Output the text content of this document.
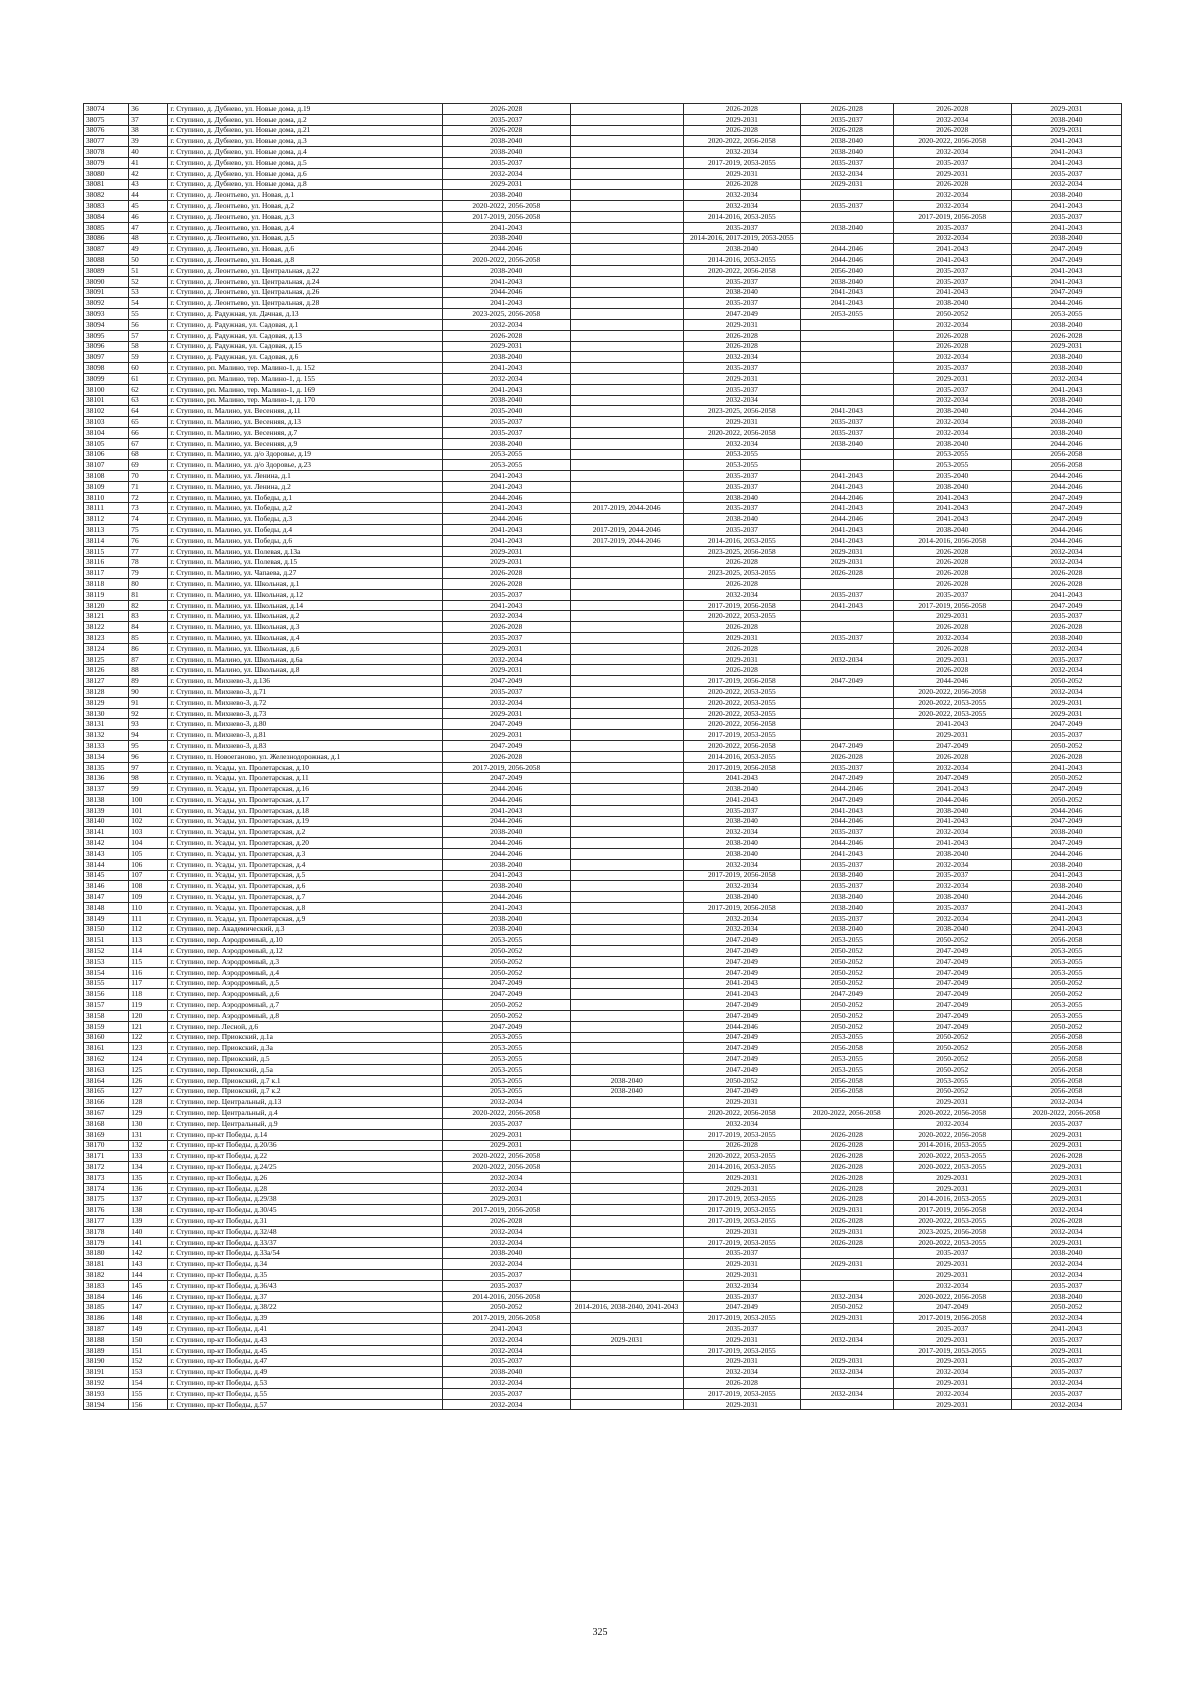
38074	36	г. Ступино, д. Дубнево, ул. Новые дома, д.19	2026-2028		2026-2028	2026-2028	2026-2028	2029-2031
38075	37	г. Ступино, д. Дубнево, ул. Новые дома, д.2	2035-2037		2029-2031	2035-2037	2032-2034	2038-2040
38076	38	г. Ступино, д. Дубнево, ул. Новые дома, д.21	2026-2028		2026-2028	2026-2028	2026-2028	2029-2031
38077	39	г. Ступино, д. Дубнево, ул. Новые дома, д.3	2038-2040		2020-2022, 2056-2058	2038-2040	2020-2022, 2056-2058	2041-2043
38078	40	г. Ступино, д. Дубнево, ул. Новые дома, д.4	2038-2040		2032-2034	2038-2040	2032-2034	2041-2043
38079	41	г. Ступино, д. Дубнево, ул. Новые дома, д.5	2035-2037		2017-2019, 2053-2055	2035-2037	2035-2037	2041-2043
38080	42	г. Ступино, д. Дубнево, ул. Новые дома, д.6	2032-2034		2029-2031	2032-2034	2029-2031	2035-2037
38081	43	г. Ступино, д. Дубнево, ул. Новые дома, д.8	2029-2031		2026-2028	2029-2031	2026-2028	2032-2034
38082	44	г. Ступино, д. Леонтьево, ул. Новая, д.1	2038-2040		2032-2034		2032-2034	2038-2040
38083	45	г. Ступино, д. Леонтьево, ул. Новая, д.2	2020-2022, 2056-2058		2032-2034	2035-2037	2032-2034	2041-2043
38084	46	г. Ступино, д. Леонтьево, ул. Новая, д.3	2017-2019, 2056-2058		2014-2016, 2053-2055		2017-2019, 2056-2058	2035-2037
38085	47	г. Ступино, д. Леонтьево, ул. Новая, д.4	2041-2043		2035-2037	2038-2040	2035-2037	2041-2043
38086	48	г. Ступино, д. Леонтьево, ул. Новая, д.5	2038-2040		2014-2016, 2017-2019, 2053-2055		2032-2034	2038-2040
38087	49	г. Ступино, д. Леонтьево, ул. Новая, д.6	2044-2046		2038-2040	2044-2046	2041-2043	2047-2049
38088	50	г. Ступино, д. Леонтьево, ул. Новая, д.8	2020-2022, 2056-2058		2014-2016, 2053-2055	2044-2046	2041-2043	2047-2049
38089	51	г. Ступино, д. Леонтьево, ул. Центральная, д.22	2038-2040		2020-2022, 2056-2058	2056-2040	2035-2037	2041-2043
38090	52	г. Ступино, д. Леонтьево, ул. Центральная, д.24	2041-2043		2035-2037	2038-2040	2035-2037	2041-2043
38091	53	г. Ступино, д. Леонтьево, ул. Центральная, д.26	2044-2046		2038-2040	2041-2043	2041-2043	2047-2049
38092	54	г. Ступино, д. Леонтьево, ул. Центральная, д.28	2041-2043		2035-2037	2041-2043	2038-2040	2044-2046
38093	55	г. Ступино, д. Радужная, ул. Дачная, д.13	2023-2025, 2056-2058		2047-2049	2053-2055	2050-2052	2053-2055
38094	56	г. Ступино, д. Радужная, ул. Садовая, д.1	2032-2034		2029-2031		2032-2034	2038-2040
38095	57	г. Ступино, д. Радужная, ул. Садовая, д.13	2026-2028		2026-2028		2026-2028	2026-2028
38096	58	г. Ступино, д. Радужная, ул. Садовая, д.15	2029-2031		2026-2028		2026-2028	2029-2031
38097	59	г. Ступино, д. Радужная, ул. Садовая, д.6	2038-2040		2032-2034		2032-2034	2038-2040
38098	60	г. Ступино, рп. Малино, тер. Малино-1, д. 152	2041-2043		2035-2037		2035-2037	2038-2040
38099	61	г. Ступино, рп. Малино, тер. Малино-1, д. 155	2032-2034		2029-2031		2029-2031	2032-2034
38100	62	г. Ступино, рп. Малино, тер. Малино-1, д. 169	2041-2043		2035-2037		2035-2037	2041-2043
38101	63	г. Ступино, рп. Малино, тер. Малино-1, д. 170	2038-2040		2032-2034		2032-2034	2038-2040
38102	64	г. Ступино, п. Малино, ул. Весенняя, д.11	2035-2040		2023-2025, 2056-2058	2041-2043	2038-2040	2044-2046
38103	65	г. Ступино, п. Малино, ул. Весенняя, д.13	2035-2037		2029-2031	2035-2037	2032-2034	2038-2040
38104	66	г. Ступино, п. Малино, ул. Весенняя, д.7	2035-2037		2020-2022, 2056-2058	2035-2037	2032-2034	2038-2040
38105	67	г. Ступино, п. Малино, ул. Весенняя, д.9	2038-2040		2032-2034	2038-2040	2038-2040	2044-2046
38106	68	г. Ступино, п. Малино, ул. д/о Здоровье, д.19	2053-2055		2053-2055		2053-2055	2056-2058
38107	69	г. Ступино, п. Малино, ул. д/о Здоровье, д.23	2053-2055		2053-2055		2053-2055	2056-2058
38108	70	г. Ступино, п. Малино, ул. Ленина, д.1	2041-2043		2035-2037	2041-2043	2035-2040	2044-2046
38109	71	г. Ступино, п. Малино, ул. Ленина, д.2	2041-2043		2035-2037	2041-2043	2038-2040	2044-2046
38110	72	г. Ступино, п. Малино, ул. Победы, д.1	2044-2046		2038-2040	2044-2046	2041-2043	2047-2049
38111	73	г. Ступино, п. Малино, ул. Победы, д.2	2041-2043	2017-2019, 2044-2046	2035-2037	2041-2043	2041-2043	2047-2049
38112	74	г. Ступино, п. Малино, ул. Победы, д.3	2044-2046		2038-2040	2044-2046	2041-2043	2047-2049
38113	75	г. Ступино, п. Малино, ул. Победы, д.4	2041-2043	2017-2019, 2044-2046	2035-2037	2041-2043	2038-2040	2044-2046
38114	76	г. Ступино, п. Малино, ул. Победы, д.6	2041-2043	2017-2019, 2044-2046	2014-2016, 2053-2055	2041-2043	2014-2016, 2056-2058	2044-2046
38115	77	г. Ступино, п. Малино, ул. Полевая, д.13а	2029-2031		2023-2025, 2056-2058	2029-2031	2026-2028	2032-2034
38116	78	г. Ступино, п. Малино, ул. Полевая, д.15	2029-2031		2026-2028	2029-2031	2026-2028	2032-2034
38117	79	г. Ступино, п. Малино, ул. Чапаева, д.27	2026-2028		2023-2025, 2053-2055	2026-2028	2026-2028	2026-2028
38118	80	г. Ступино, п. Малино, ул. Школьная, д.1	2026-2028		2026-2028		2026-2028	2026-2028
38119	81	г. Ступино, п. Малино, ул. Школьная, д.12	2035-2037		2032-2034	2035-2037	2035-2037	2041-2043
38120	82	г. Ступино, п. Малино, ул. Школьная, д.14	2041-2043		2017-2019, 2056-2058	2041-2043	2017-2019, 2056-2058	2047-2049
38121	83	г. Ступино, п. Малино, ул. Школьная, д.2	2032-2034		2020-2022, 2053-2055		2029-2031	2035-2037
38122	84	г. Ступино, п. Малино, ул. Школьная, д.3	2026-2028		2026-2028		2026-2028	2026-2028
38123	85	г. Ступино, п. Малино, ул. Школьная, д.4	2035-2037		2029-2031	2035-2037	2032-2034	2038-2040
38124	86	г. Ступино, п. Малино, ул. Школьная, д.6	2029-2031		2026-2028		2026-2028	2032-2034
38125	87	г. Ступино, п. Малино, ул. Школьная, д.6а	2032-2034		2029-2031	2032-2034	2029-2031	2035-2037
38126	88	г. Ступино, п. Малино, ул. Школьная, д.8	2029-2031		2026-2028		2026-2028	2032-2034
38127	89	г. Ступино, п. Михнево-3, д.136	2047-2049		2017-2019, 2056-2058	2047-2049	2044-2046	2050-2052
38128	90	г. Ступино, п. Михнево-3, д.71	2035-2037		2020-2022, 2053-2055		2020-2022, 2056-2058	2032-2034
38129	91	г. Ступино, п. Михнево-3, д.72	2032-2034		2020-2022, 2053-2055		2020-2022, 2053-2055	2029-2031
38130	92	г. Ступино, п. Михнево-3, д.73	2029-2031		2020-2022, 2053-2055		2020-2022, 2053-2055	2029-2031
38131	93	г. Ступино, п. Михнево-3, д.80	2047-2049		2020-2022, 2056-2058		2041-2043	2047-2049
38132	94	г. Ступино, п. Михнево-3, д.81	2029-2031		2017-2019, 2053-2055		2029-2031	2035-2037
38133	95	г. Ступино, п. Михнево-3, д.83	2047-2049		2020-2022, 2056-2058	2047-2049	2047-2049	2050-2052
38134	96	г. Ступино, п. Новоеганово, ул. Железнодорожная, д.1	2026-2028		2014-2016, 2053-2055	2026-2028	2026-2028	2026-2028
38135	97	г. Ступино, п. Усады, ул. Пролетарская, д.10	2017-2019, 2056-2058		2017-2019, 2056-2058	2035-2037	2032-2034	2041-2043
38136	98	г. Ступино, п. Усады, ул. Пролетарская, д.11	2047-2049		2041-2043	2047-2049	2047-2049	2050-2052
38137	99	г. Ступино, п. Усады, ул. Пролетарская, д.16	2044-2046		2038-2040	2044-2046	2041-2043	2047-2049
38138	100	г. Ступино, п. Усады, ул. Пролетарская, д.17	2044-2046		2041-2043	2047-2049	2044-2046	2050-2052
38139	101	г. Ступино, п. Усады, ул. Пролетарская, д.18	2041-2043		2035-2037	2041-2043	2038-2040	2044-2046
38140	102	г. Ступино, п. Усады, ул. Пролетарская, д.19	2044-2046		2038-2040	2044-2046	2041-2043	2047-2049
38141	103	г. Ступино, п. Усады, ул. Пролетарская, д.2	2038-2040		2032-2034	2035-2037	2032-2034	2038-2040
38142	104	г. Ступино, п. Усады, ул. Пролетарская, д.20	2044-2046		2038-2040	2044-2046	2041-2043	2047-2049
38143	105	г. Ступино, п. Усады, ул. Пролетарская, д.3	2044-2046		2038-2040	2041-2043	2038-2040	2044-2046
38144	106	г. Ступино, п. Усады, ул. Пролетарская, д.4	2038-2040		2032-2034	2035-2037	2032-2034	2038-2040
38145	107	г. Ступино, п. Усады, ул. Пролетарская, д.5	2041-2043		2017-2019, 2056-2058	2038-2040	2035-2037	2041-2043
38146	108	г. Ступино, п. Усады, ул. Пролетарская, д.6	2038-2040		2032-2034	2035-2037	2032-2034	2038-2040
38147	109	г. Ступино, п. Усады, ул. Пролетарская, д.7	2044-2046		2038-2040	2038-2040	2038-2040	2044-2046
38148	110	г. Ступино, п. Усады, ул. Пролетарская, д.8	2041-2043		2017-2019, 2056-2058	2038-2040	2035-2037	2041-2043
38149	111	г. Ступино, п. Усады, ул. Пролетарская, д.9	2038-2040		2032-2034	2035-2037	2032-2034	2041-2043
38150	112	г. Ступино, пер. Академический, д.3	2038-2040		2032-2034	2038-2040	2038-2040	2041-2043
38151	113	г. Ступино, пер. Аэродромный, д.10	2053-2055		2047-2049	2053-2055	2050-2052	2056-2058
38152	114	г. Ступино, пер. Аэродромный, д.12	2050-2052		2047-2049	2050-2052	2047-2049	2053-2055
38153	115	г. Ступино, пер. Аэродромный, д.3	2050-2052		2047-2049	2050-2052	2047-2049	2053-2055
38154	116	г. Ступино, пер. Аэродромный, д.4	2050-2052		2047-2049	2050-2052	2047-2049	2053-2055
38155	117	г. Ступино, пер. Аэродромный, д.5	2047-2049		2041-2043	2050-2052	2047-2049	2050-2052
38156	118	г. Ступино, пер. Аэродромный, д.6	2047-2049		2041-2043	2047-2049	2047-2049	2050-2052
38157	119	г. Ступино, пер. Аэродромный, д.7	2050-2052		2047-2049	2050-2052	2047-2049	2053-2055
38158	120	г. Ступино, пер. Аэродромный, д.8	2050-2052		2047-2049	2050-2052	2047-2049	2053-2055
38159	121	г. Ступино, пер. Лесной, д.6	2047-2049		2044-2046	2050-2052	2047-2049	2050-2052
38160	122	г. Ступино, пер. Приокский, д.1а	2053-2055		2047-2049	2053-2055	2050-2052	2056-2058
38161	123	г. Ступино, пер. Приокский, д.3а	2053-2055		2047-2049	2056-2058	2050-2052	2056-2058
38162	124	г. Ступино, пер. Приокский, д.5	2053-2055		2047-2049	2053-2055	2050-2052	2056-2058
38163	125	г. Ступино, пер. Приокский, д.5а	2053-2055		2047-2049	2053-2055	2050-2052	2056-2058
38164	126	г. Ступино, пер. Приокский, д.7 к.1	2053-2055	2038-2040	2050-2052	2056-2058	2053-2055	2056-2058
38165	127	г. Ступино, пер. Приокский, д.7 к.2	2053-2055	2038-2040	2047-2049	2056-2058	2050-2052	2056-2058
38166	128	г. Ступино, пер. Центральный, д.13	2032-2034		2029-2031		2029-2031	2032-2034
38167	129	г. Ступино, пер. Центральный, д.4	2020-2022, 2056-2058		2020-2022, 2056-2058	2020-2022, 2056-2058	2020-2022, 2056-2058	2020-2022, 2056-2058
38168	130	г. Ступино, пер. Центральный, д.9	2035-2037		2032-2034		2032-2034	2035-2037
38169	131	г. Ступино, пр-кт Победы, д.14	2029-2031		2017-2019, 2053-2055	2026-2028	2020-2022, 2056-2058	2029-2031
38170	132	г. Ступино, пр-кт Победы, д.20/36	2029-2031		2026-2028	2026-2028	2014-2016, 2053-2055	2029-2031
38171	133	г. Ступино, пр-кт Победы, д.22	2020-2022, 2056-2058		2020-2022, 2053-2055	2026-2028	2020-2022, 2053-2055	2026-2028
38172	134	г. Ступино, пр-кт Победы, д.24/25	2020-2022, 2056-2058		2014-2016, 2053-2055	2026-2028	2020-2022, 2053-2055	2029-2031
38173	135	г. Ступино, пр-кт Победы, д.26	2032-2034		2029-2031	2026-2028	2029-2031	2029-2031
38174	136	г. Ступино, пр-кт Победы, д.28	2032-2034		2029-2031	2026-2028	2029-2031	2029-2031
38175	137	г. Ступино, пр-кт Победы, д.29/38	2029-2031		2017-2019, 2053-2055	2026-2028	2014-2016, 2053-2055	2029-2031
38176	138	г. Ступино, пр-кт Победы, д.30/45	2017-2019, 2056-2058		2017-2019, 2053-2055	2029-2031	2017-2019, 2056-2058	2032-2034
38177	139	г. Ступино, пр-кт Победы, д.31	2026-2028		2017-2019, 2053-2055	2026-2028	2020-2022, 2053-2055	2026-2028
38178	140	г. Ступино, пр-кт Победы, д.32/48	2032-2034		2029-2031	2029-2031	2023-2025, 2056-2058	2032-2034
38179	141	г. Ступино, пр-кт Победы, д.33/37	2032-2034		2017-2019, 2053-2055	2026-2028	2020-2022, 2053-2055	2029-2031
38180	142	г. Ступино, пр-кт Победы, д.33а/54	2038-2040		2035-2037		2035-2037	2038-2040
38181	143	г. Ступино, пр-кт Победы, д.34	2032-2034		2029-2031	2029-2031	2029-2031	2032-2034
38182	144	г. Ступино, пр-кт Победы, д.35	2035-2037		2029-2031		2029-2031	2032-2034
38183	145	г. Ступино, пр-кт Победы, д.36/43	2035-2037		2032-2034		2032-2034	2035-2037
38184	146	г. Ступино, пр-кт Победы, д.37	2014-2016, 2056-2058		2035-2037	2032-2034	2020-2022, 2056-2058	2038-2040
38185	147	г. Ступино, пр-кт Победы, д.38/22	2050-2052	2014-2016, 2038-2040, 2041-2043	2047-2049	2050-2052	2047-2049	2050-2052
38186	148	г. Ступино, пр-кт Победы, д.39	2017-2019, 2056-2058		2017-2019, 2053-2055	2029-2031	2017-2019, 2056-2058	2032-2034
38187	149	г. Ступино, пр-кт Победы, д.41	2041-2043		2035-2037		2035-2037	2041-2043
38188	150	г. Ступино, пр-кт Победы, д.43	2032-2034	2029-2031	2029-2031	2032-2034	2029-2031	2035-2037
38189	151	г. Ступино, пр-кт Победы, д.45	2032-2034		2017-2019, 2053-2055		2017-2019, 2053-2055	2029-2031
38190	152	г. Ступино, пр-кт Победы, д.47	2035-2037		2029-2031	2029-2031	2029-2031	2035-2037
38191	153	г. Ступино, пр-кт Победы, д.49	2038-2040		2032-2034	2032-2034	2032-2034	2035-2037
38192	154	г. Ступино, пр-кт Победы, д.53	2032-2034		2026-2028		2029-2031	2032-2034
38193	155	г. Ступино, пр-кт Победы, д.55	2035-2037		2017-2019, 2053-2055	2032-2034	2032-2034	2035-2037
38194	156	г. Ступино, пр-кт Победы, д.57	2032-2034		2029-2031		2029-2031	2032-2034
325
